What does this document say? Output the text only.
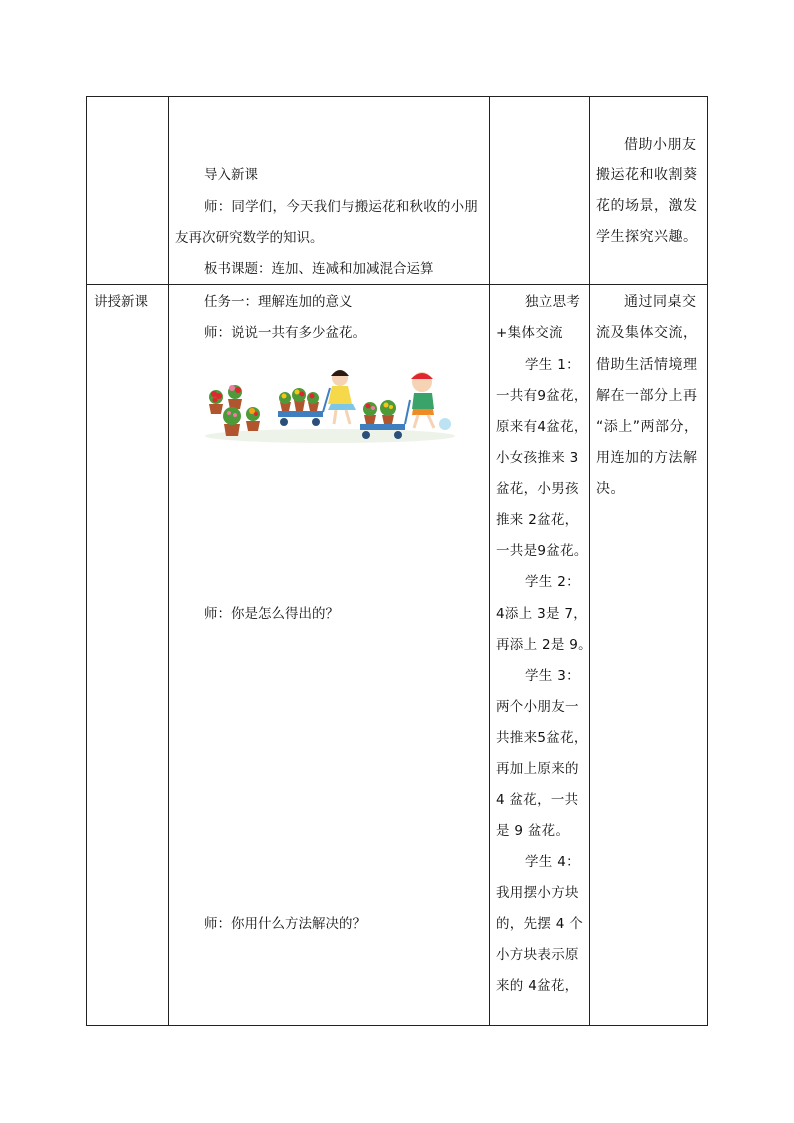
导入新课
师：同学们，今天我们与搬运花和秋收的小朋
友再次研究数学的知识。
板书课题：连加、连减和加减混合运算
借助小朋友
搬运花和收割葵
花的场景，激发
学生探究兴趣。
讲授新课	任务一：理解连加的意义
师：说说一共有多少盆花。
师：你是怎么得出的？
师：你用什么方法解决的？
独立思考
+集体交流
学生 1：
一共有9盆花，
原来有4盆花，
小女孩推来 3
盆花，小男孩
推来 2盆花，
一共是9盆花。
学生 2：
4添上 3是 7，
再添上 2是 9。
学生 3：
两个小朋友一
共推来5盆花，
再加上原来的
4 盆花，一共
是 9 盆花。
学生 4：
我用摆小方块
的，先摆 4 个
小方块表示原
来的 4盆花，
通过同桌交
流及集体交流，
借助生活情境理
解在一部分上再
“添上”两部分，
用连加的方法解
决。
